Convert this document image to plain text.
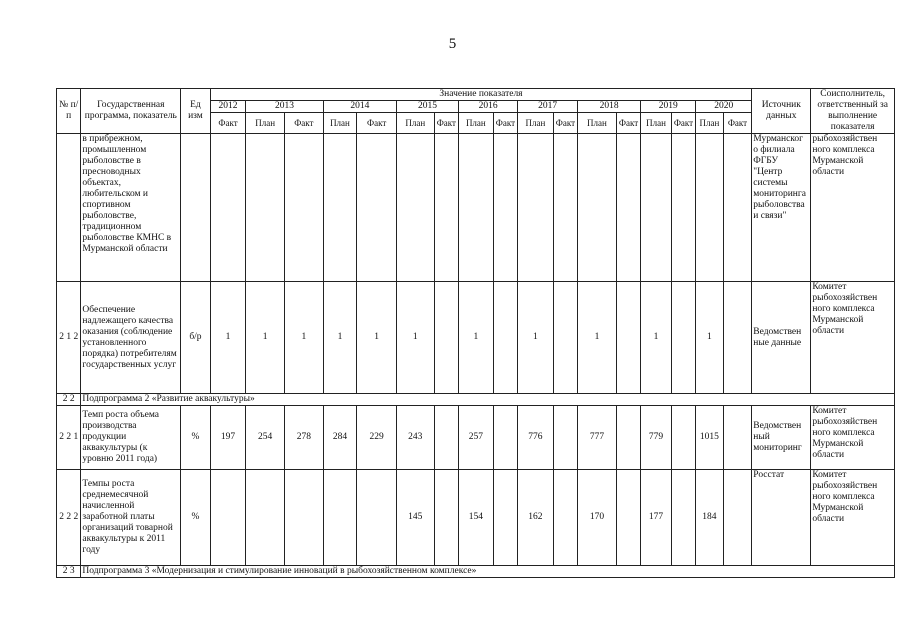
5
№ п/п	Государственная программа, показатель	Ед изм	Значение показателя																	Источник данных	Соисполнитель, ответственный за выполнение показателя
			2012	2013		2014		2015		2016		2017		2018		2019		2020			
			Факт	План	Факт	План	Факт	План	Факт	План	Факт	План	Факт	План	Факт	План	Факт	План	Факт		
	в прибрежном, промышленном рыболовстве в пресноводных объектах, любительском и спортивном рыболовстве, традиционном рыболовстве КМНС в Мурманской области																			Мурманског о филиала ФГБУ "Центр системы мониторинга рыболовства и связи"	рыбохозяйствен ного комплекса Мурманской области
2 1 2	Обеспечение надлежащего качества оказания (соблюдение установленного порядка) потребителям государственных услуг	б/р	1	1	1	1	1	1		1		1		1		1		1		Ведомствен ные данные	Комитет рыбохозяйствен ного комплекса Мурманской области
2 2	Подпрограмма 2 «Развитие аквакультуры»																				
2 2 1	Темп роста объема производства продукции аквакультуры (к уровню 2011 года)	%	197	254	278	284	229	243		257		776		777		779		1015		Ведомствен ный мониторинг	Комитет рыбохозяйствен ного комплекса Мурманской области
2 2 2	Темпы роста среднемесячной начисленной заработной платы организаций товарной аквакультуры к 2011 году	%						145		154		162		170		177		184		Росстат	Комитет рыбохозяйствен ного комплекса Мурманской области
2 3	Подпрограмма 3 «Модернизация и стимулирование инноваций в рыбохозяйственном комплексе»																				
